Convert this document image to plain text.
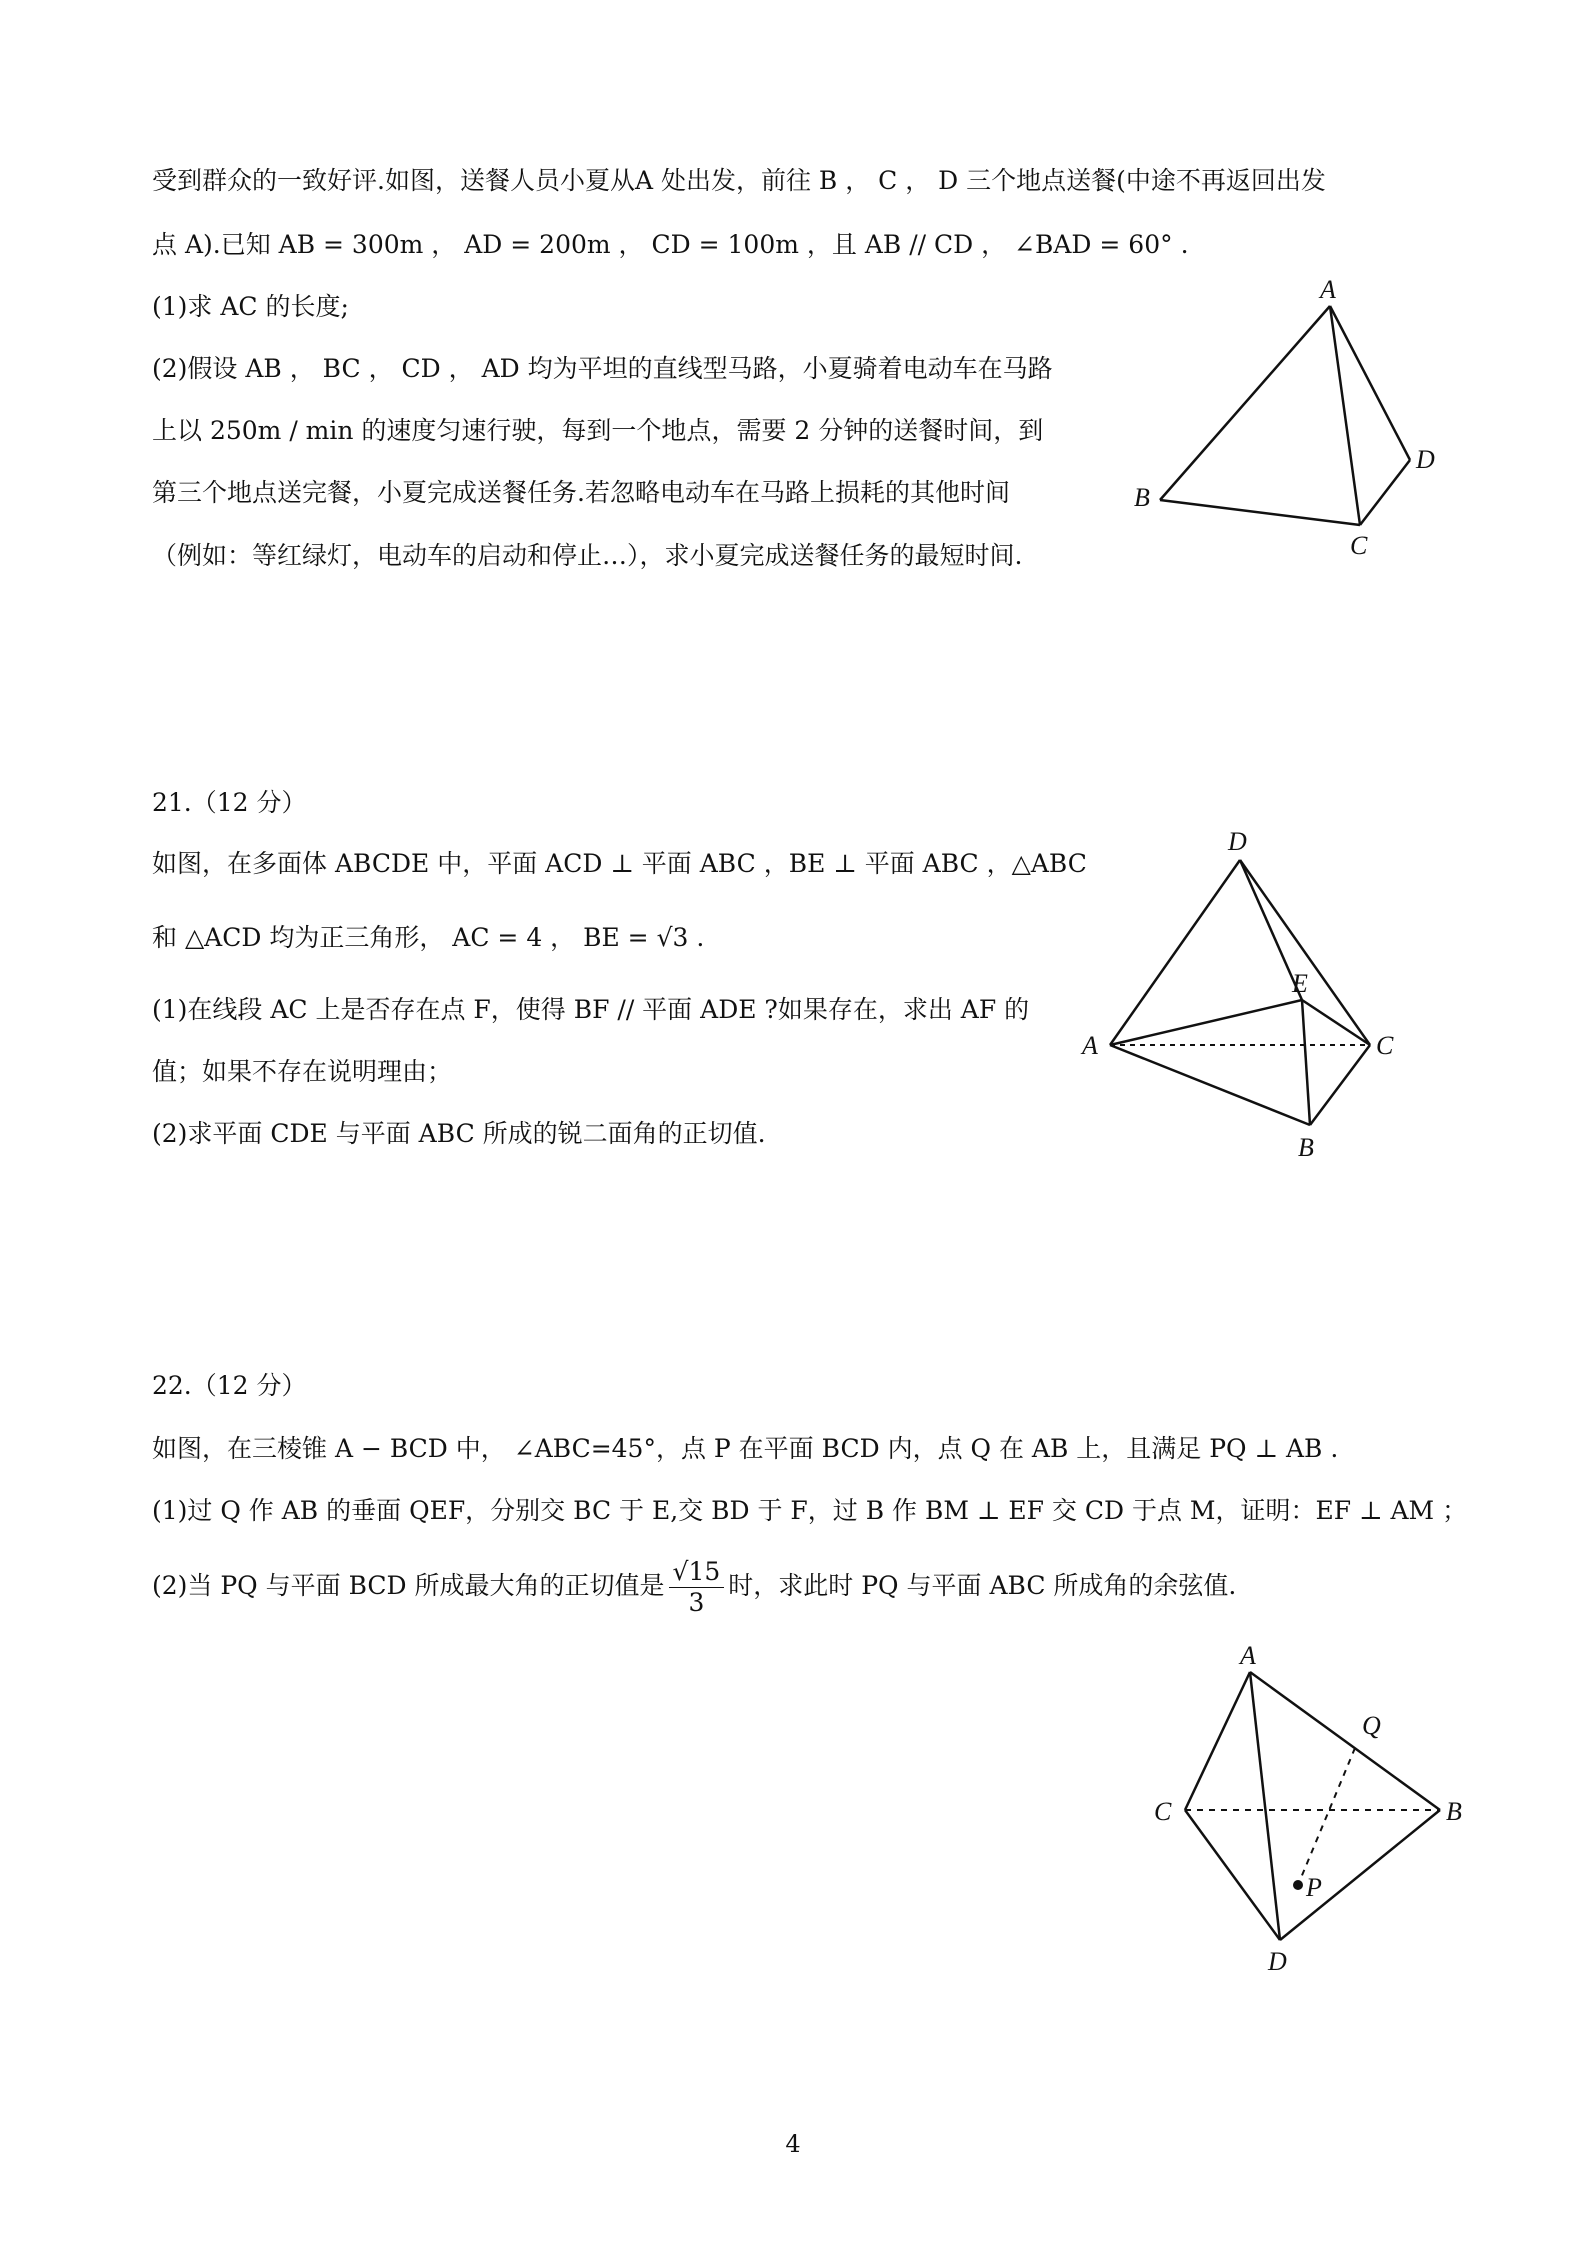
受到群众的一致好评.如图，送餐人员小夏从A 处出发，前往 B ， C ， D 三个地点送餐(中途不再返回出发
点 A).已知 AB = 300m ， AD = 200m ， CD = 100m ，且 AB // CD ， ∠BAD = 60° .
(1)求 AC 的长度;
(2)假设 AB ， BC ， CD ， AD 均为平坦的直线型马路，小夏骑着电动车在马路
上以 250m / min 的速度匀速行驶，每到一个地点，需要 2 分钟的送餐时间，到
第三个地点送完餐，小夏完成送餐任务.若忽略电动车在马路上损耗的其他时间
（例如：等红绿灯，电动车的启动和停止…），求小夏完成送餐任务的最短时间.
A
B
C
D
21.（12 分）
如图，在多面体 ABCDE 中，平面 ACD ⊥ 平面 ABC ，BE ⊥ 平面 ABC ，△ABC
和 △ACD 均为正三角形， AC = 4 ， BE = √3 .
(1)在线段 AC 上是否存在点 F，使得 BF // 平面 ADE ?如果存在，求出 AF 的
值；如果不存在说明理由；
(2)求平面 CDE 与平面 ABC 所成的锐二面角的正切值.
D
A	C
E
B
22.（12 分）
如图，在三棱锥 A − BCD 中， ∠ABC=45°，点 P 在平面 BCD 内，点 Q 在 AB 上，且满足 PQ ⊥ AB .
(1)过 Q 作 AB 的垂面 QEF，分别交 BC 于 E,交 BD 于 F，过 B 作 BM ⊥ EF 交 CD 于点 M，证明：EF ⊥ AM ；
(2)当 PQ 与平面 BCD 所成最大角的正切值是 $\frac{√15}{3}$ 时，求此时 PQ 与平面 ABC 所成角的余弦值.
A
C	B
D
P
Q
4
